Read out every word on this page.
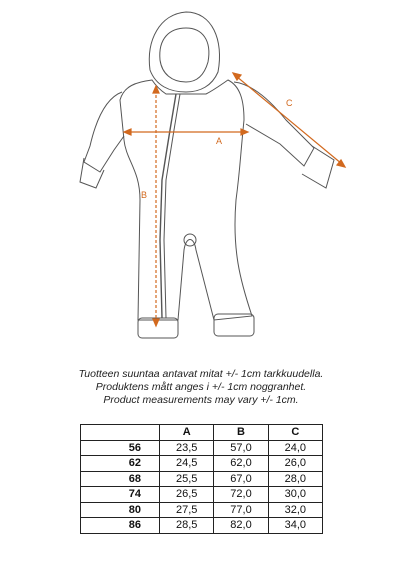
A
B
C
Tuotteen suuntaa antavat mitat +/- 1cm tarkkuudella.
Produktens mått anges i +/- 1cm noggranhet.
Product measurements may vary +/- 1cm.
	A	B	C
56	23,5	57,0	24,0
62	24,5	62,0	26,0
68	25,5	67,0	28,0
74	26,5	72,0	30,0
80	27,5	77,0	32,0
86	28,5	82,0	34,0
